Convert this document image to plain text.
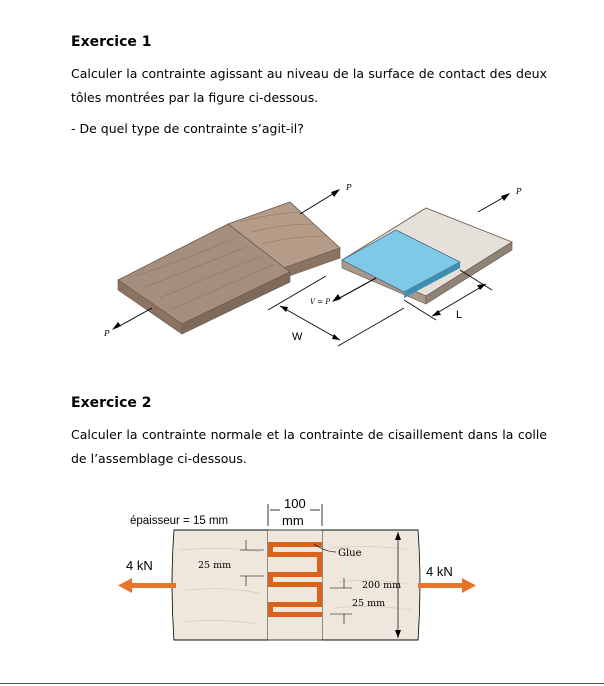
Exercice 1
Calculer la contrainte agissant au niveau de la surface de contact des deux tôles montrées par la figure ci-dessous.
- De quel type de contrainte s’agit-il?
P
P
P
V = P
W
L
Exercice 2
Calculer la contrainte normale et la contrainte de cisaillement dans la colle de l’assemblage ci-dessous.
4 kN	4 kN
épaisseur = 15 mm
100
mm
Glue
25 mm
200 mm
25 mm
